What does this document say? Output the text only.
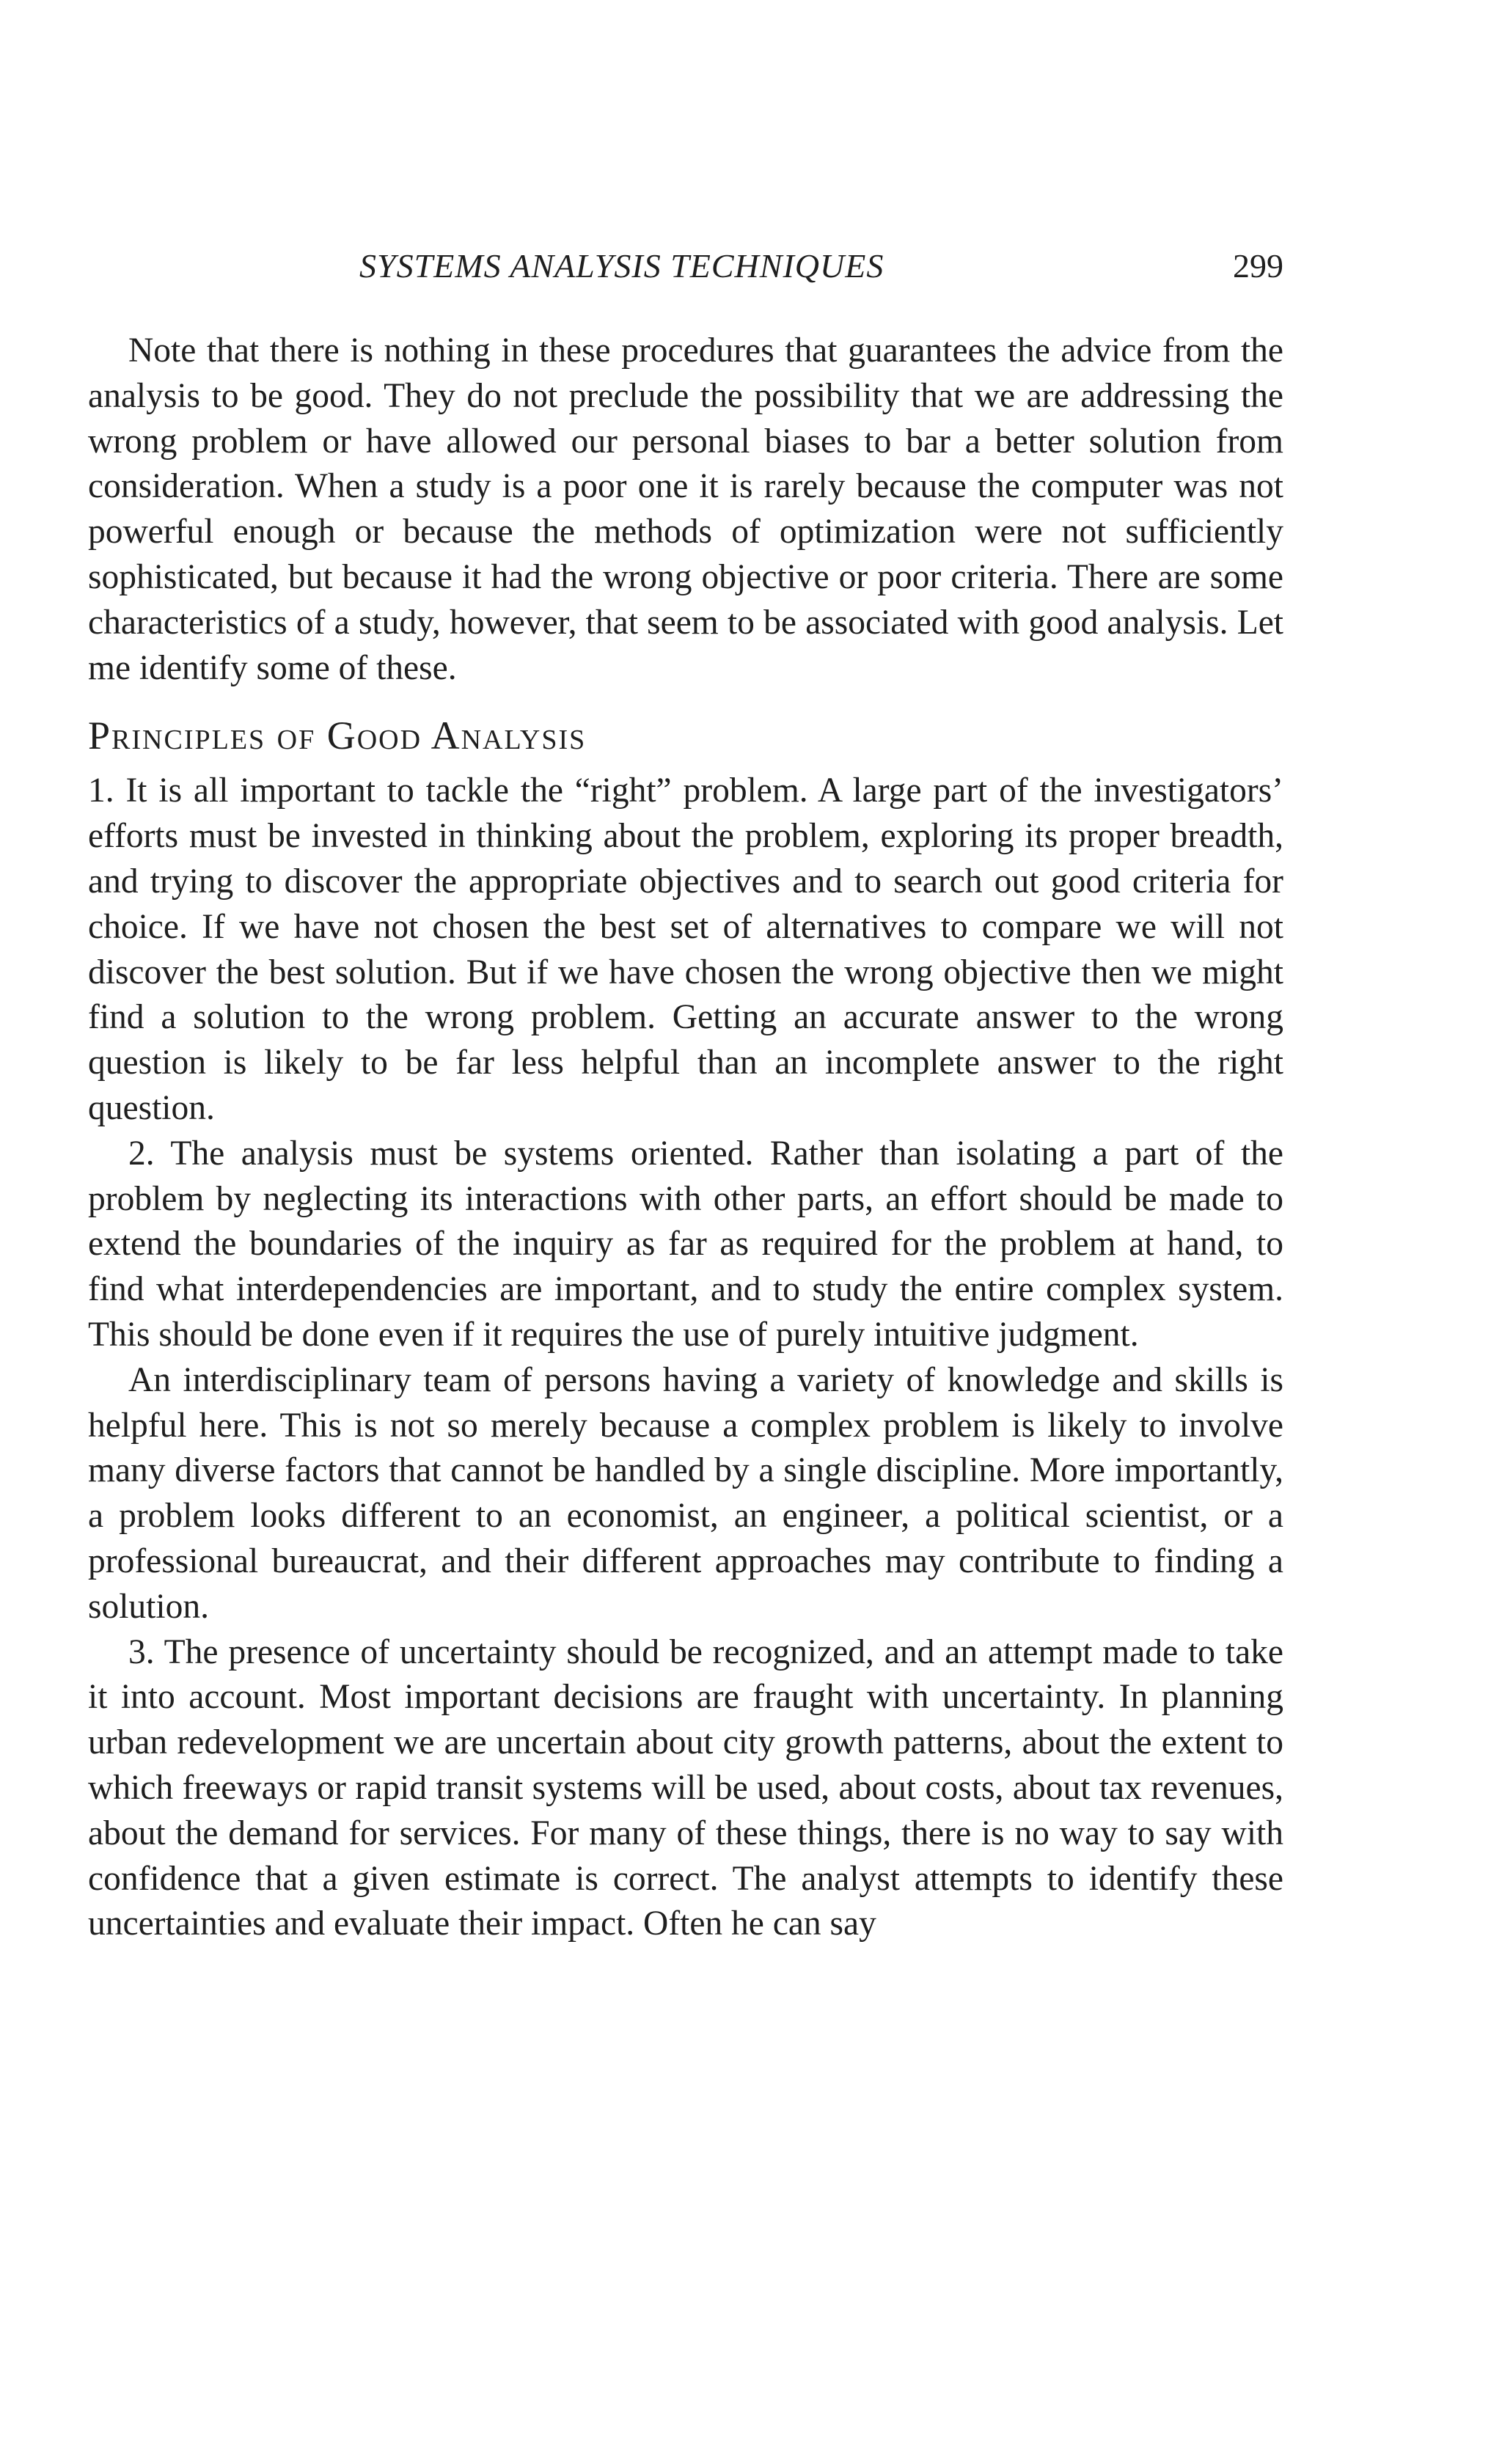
SYSTEMS ANALYSIS TECHNIQUES	299

Note that there is nothing in these procedures that guarantees the advice from the analysis to be good. They do not preclude the possibility that we are addressing the wrong problem or have allowed our personal biases to bar a better solution from consideration. When a study is a poor one it is rarely because the computer was not powerful enough or because the methods of optimization were not sufficiently sophisticated, but because it had the wrong objective or poor criteria. There are some characteristics of a study, however, that seem to be associated with good analysis. Let me identify some of these.

Principles of Good Analysis

1. It is all important to tackle the “right” problem. A large part of the investigators’ efforts must be invested in thinking about the problem, exploring its proper breadth, and trying to discover the appropriate objectives and to search out good criteria for choice. If we have not chosen the best set of alternatives to compare we will not discover the best solution. But if we have chosen the wrong objective then we might find a solution to the wrong problem. Getting an accurate answer to the wrong question is likely to be far less helpful than an incomplete answer to the right question.

2. The analysis must be systems oriented. Rather than isolating a part of the problem by neglecting its interactions with other parts, an effort should be made to extend the boundaries of the inquiry as far as required for the problem at hand, to find what interdependencies are important, and to study the entire complex system. This should be done even if it requires the use of purely intuitive judgment.

An interdisciplinary team of persons having a variety of knowledge and skills is helpful here. This is not so merely because a complex problem is likely to involve many diverse factors that cannot be handled by a single discipline. More importantly, a problem looks different to an economist, an engineer, a political scientist, or a professional bureaucrat, and their different approaches may contribute to finding a solution.

3. The presence of uncertainty should be recognized, and an attempt made to take it into account. Most important decisions are fraught with uncertainty. In planning urban redevelopment we are uncertain about city growth patterns, about the extent to which freeways or rapid transit systems will be used, about costs, about tax revenues, about the demand for services. For many of these things, there is no way to say with confidence that a given estimate is correct. The analyst attempts to identify these uncertainties and evaluate their impact. Often he can say
